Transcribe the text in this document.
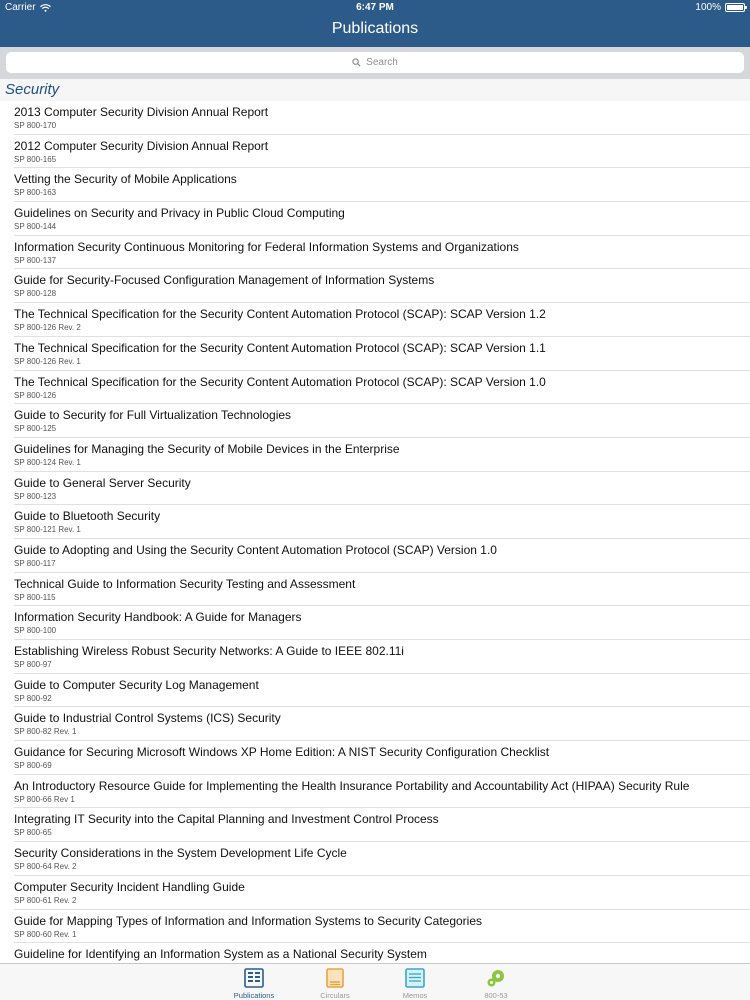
Carrier	6:47 PM	100%
Publications
Search
Security
2013 Computer Security Division Annual Report
SP 800-170
2012 Computer Security Division Annual Report
SP 800-165
Vetting the Security of Mobile Applications
SP 800-163
Guidelines on Security and Privacy in Public Cloud Computing
SP 800-144
Information Security Continuous Monitoring for Federal Information Systems and Organizations
SP 800-137
Guide for Security-Focused Configuration Management of Information Systems
SP 800-128
The Technical Specification for the Security Content Automation Protocol (SCAP): SCAP Version 1.2
SP 800-126 Rev. 2
The Technical Specification for the Security Content Automation Protocol (SCAP): SCAP Version 1.1
SP 800-126 Rev. 1
The Technical Specification for the Security Content Automation Protocol (SCAP): SCAP Version 1.0
SP 800-126
Guide to Security for Full Virtualization Technologies
SP 800-125
Guidelines for Managing the Security of Mobile Devices in the Enterprise
SP 800-124 Rev. 1
Guide to General Server Security
SP 800-123
Guide to Bluetooth Security
SP 800-121 Rev. 1
Guide to Adopting and Using the Security Content Automation Protocol (SCAP) Version 1.0
SP 800-117
Technical Guide to Information Security Testing and Assessment
SP 800-115
Information Security Handbook: A Guide for Managers
SP 800-100
Establishing Wireless Robust Security Networks: A Guide to IEEE 802.11i
SP 800-97
Guide to Computer Security Log Management
SP 800-92
Guide to Industrial Control Systems (ICS) Security
SP 800-82 Rev. 1
Guidance for Securing Microsoft Windows XP Home Edition: A NIST Security Configuration Checklist
SP 800-69
An Introductory Resource Guide for Implementing the Health Insurance Portability and Accountability Act (HIPAA) Security Rule
SP 800-66 Rev 1
Integrating IT Security into the Capital Planning and Investment Control Process
SP 800-65
Security Considerations in the System Development Life Cycle
SP 800-64 Rev. 2
Computer Security Incident Handling Guide
SP 800-61 Rev. 2
Guide for Mapping Types of Information and Information Systems to Security Categories
SP 800-60 Rev. 1
Guideline for Identifying an Information System as a National Security System
Publications	Circulars	Memos	800-53
